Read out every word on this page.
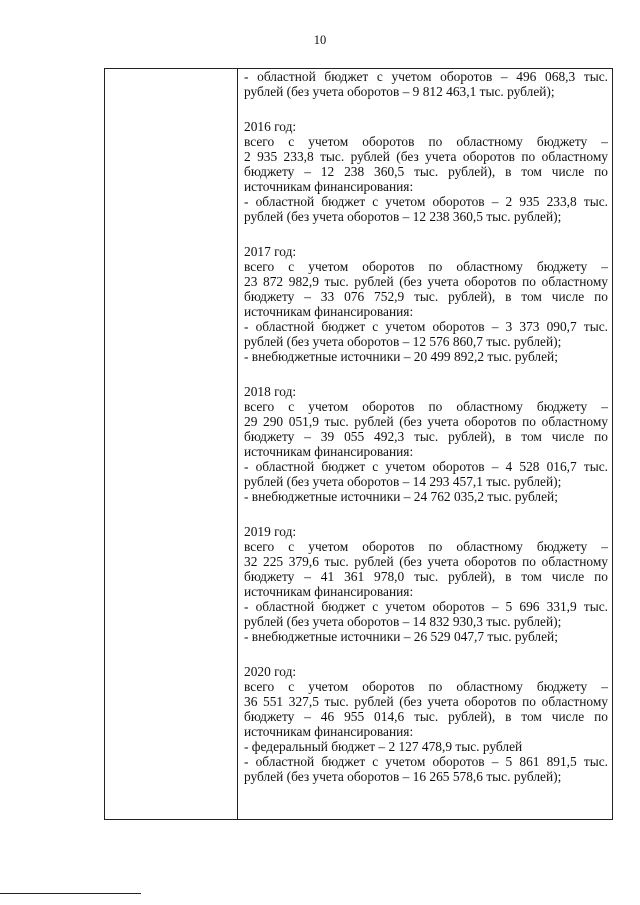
10
- областной бюджет с учетом оборотов – 496 068,3 тыс.
рублей (без учета оборотов – 9 812 463,1 тыс. рублей);
2016 год:
всего с учетом оборотов по областному бюджету –
2 935 233,8 тыс. рублей (без учета оборотов по областному
бюджету – 12 238 360,5 тыс. рублей), в том числе по
источникам финансирования:
- областной бюджет с учетом оборотов – 2 935 233,8 тыс.
рублей (без учета оборотов – 12 238 360,5 тыс. рублей);
2017 год:
всего с учетом оборотов по областному бюджету –
23 872 982,9 тыс. рублей (без учета оборотов по областному
бюджету – 33 076 752,9 тыс. рублей), в том числе по
источникам финансирования:
- областной бюджет с учетом оборотов – 3 373 090,7 тыс.
рублей (без учета оборотов – 12 576 860,7 тыс. рублей);
- внебюджетные источники – 20 499 892,2 тыс. рублей;
2018 год:
всего с учетом оборотов по областному бюджету –
29 290 051,9 тыс. рублей (без учета оборотов по областному
бюджету – 39 055 492,3 тыс. рублей), в том числе по
источникам финансирования:
- областной бюджет с учетом оборотов – 4 528 016,7 тыс.
рублей (без учета оборотов – 14 293 457,1 тыс. рублей);
- внебюджетные источники – 24 762 035,2 тыс. рублей;
2019 год:
всего с учетом оборотов по областному бюджету –
32 225 379,6 тыс. рублей (без учета оборотов по областному
бюджету – 41 361 978,0 тыс. рублей), в том числе по
источникам финансирования:
- областной бюджет с учетом оборотов – 5 696 331,9 тыс.
рублей (без учета оборотов – 14 832 930,3 тыс. рублей);
- внебюджетные источники – 26 529 047,7 тыс. рублей;
2020 год:
всего с учетом оборотов по областному бюджету –
36 551 327,5 тыс. рублей (без учета оборотов по областному
бюджету – 46 955 014,6 тыс. рублей), в том числе по
источникам финансирования:
- федеральный бюджет – 2 127 478,9 тыс. рублей
- областной бюджет с учетом оборотов – 5 861 891,5 тыс.
рублей (без учета оборотов – 16 265 578,6 тыс. рублей);
